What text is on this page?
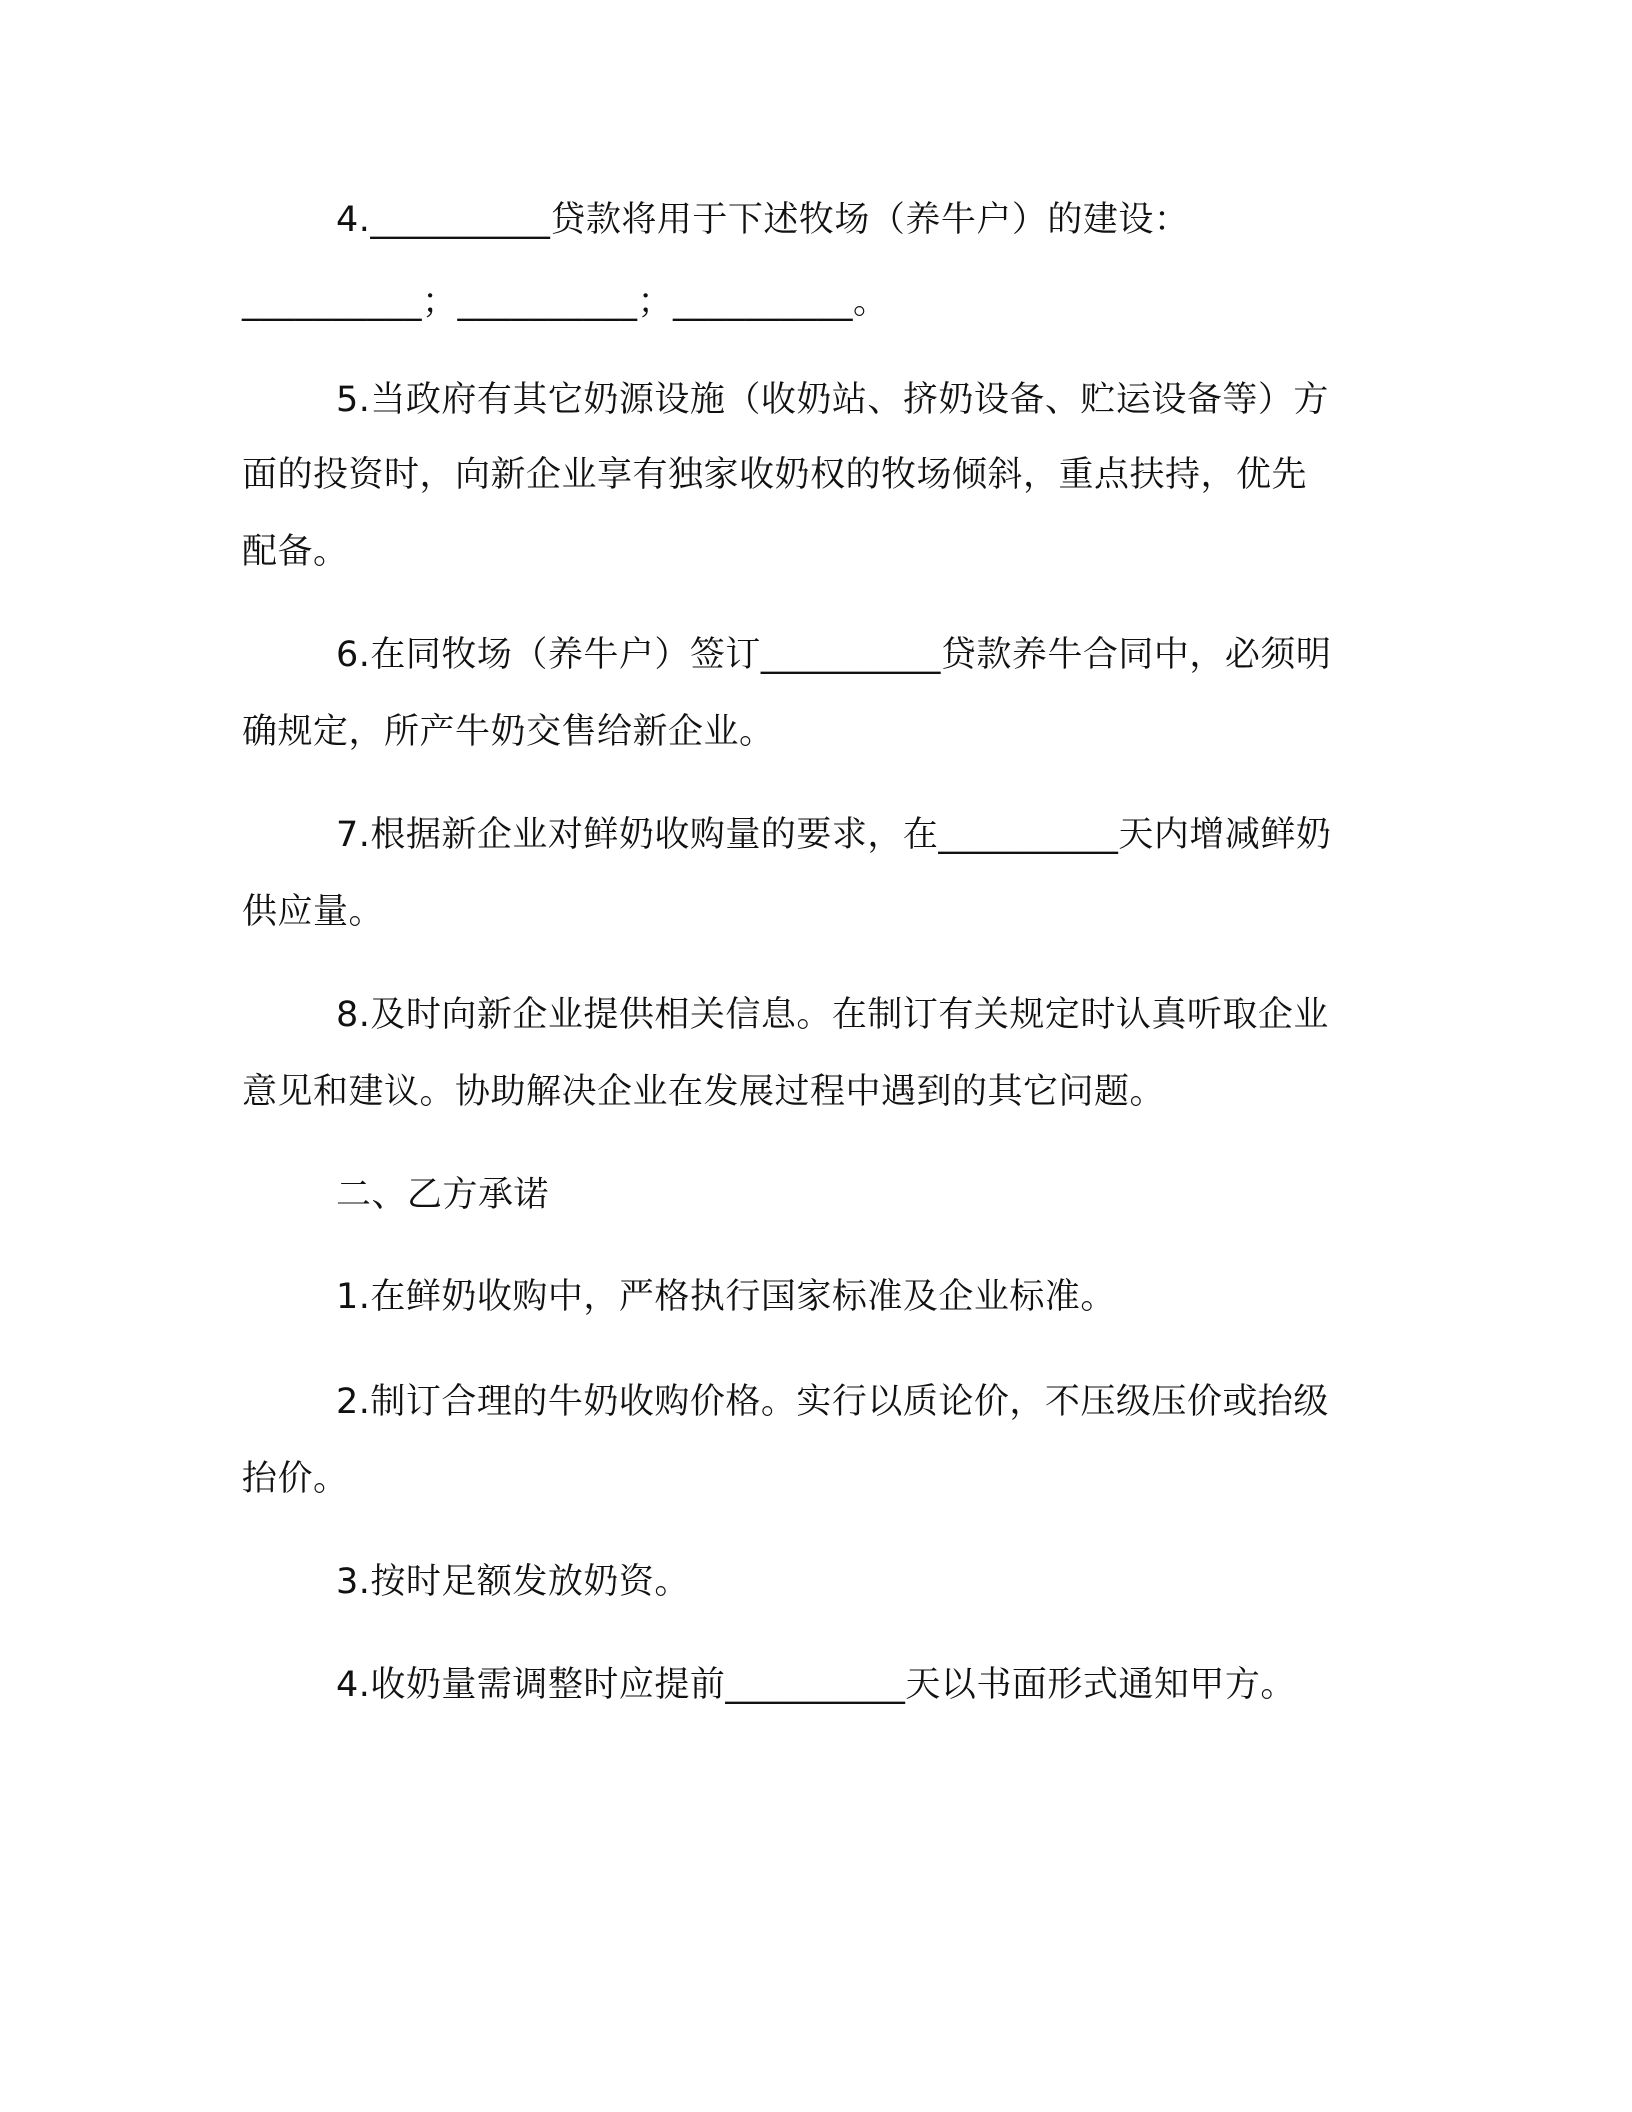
4.__________贷款将用于下述牧场（养牛户）的建设：
__________；__________；__________。
5.当政府有其它奶源设施（收奶站、挤奶设备、贮运设备等）方
面的投资时，向新企业享有独家收奶权的牧场倾斜，重点扶持，优先
配备。
6.在同牧场（养牛户）签订__________贷款养牛合同中，必须明
确规定，所产牛奶交售给新企业。
7.根据新企业对鲜奶收购量的要求，在__________天内增减鲜奶
供应量。
8.及时向新企业提供相关信息。在制订有关规定时认真听取企业
意见和建议。协助解决企业在发展过程中遇到的其它问题。
二、乙方承诺
1.在鲜奶收购中，严格执行国家标准及企业标准。
2.制订合理的牛奶收购价格。实行以质论价，不压级压价或抬级
抬价。
3.按时足额发放奶资。
4.收奶量需调整时应提前__________天以书面形式通知甲方。
